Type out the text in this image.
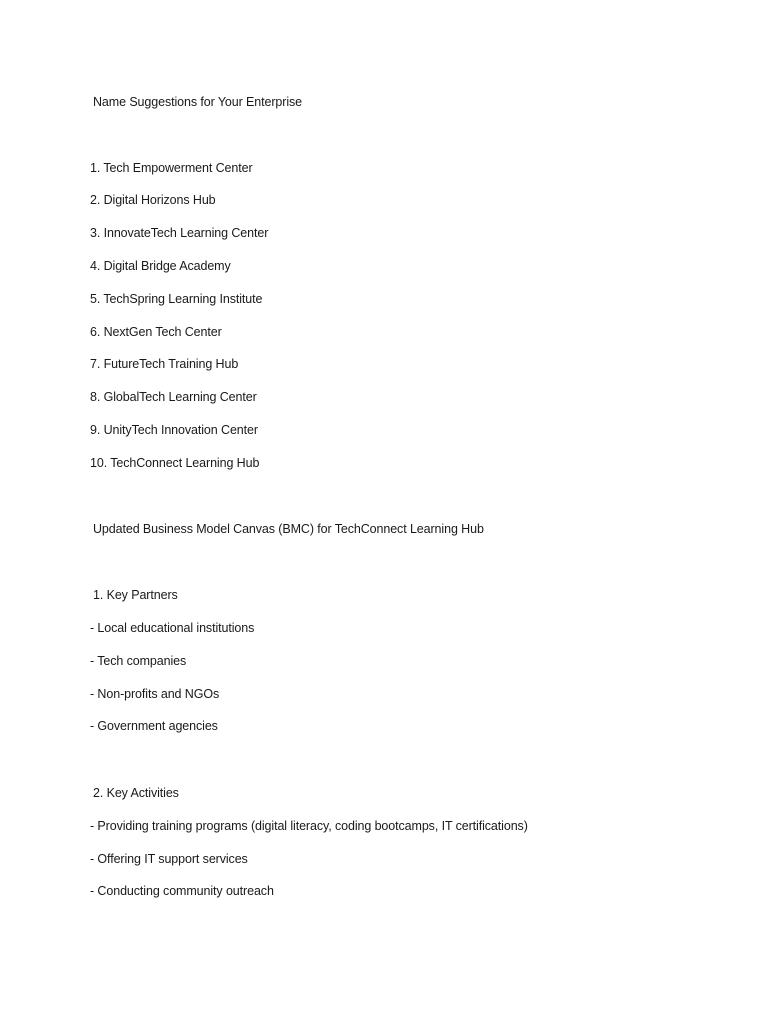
Name Suggestions for Your Enterprise
1. Tech Empowerment Center
2. Digital Horizons Hub
3. InnovateTech Learning Center
4. Digital Bridge Academy
5. TechSpring Learning Institute
6. NextGen Tech Center
7. FutureTech Training Hub
8. GlobalTech Learning Center
9. UnityTech Innovation Center
10. TechConnect Learning Hub
Updated Business Model Canvas (BMC) for TechConnect Learning Hub
1. Key Partners
- Local educational institutions
- Tech companies
- Non-profits and NGOs
- Government agencies
2. Key Activities
- Providing training programs (digital literacy, coding bootcamps, IT certifications)
- Offering IT support services
- Conducting community outreach
